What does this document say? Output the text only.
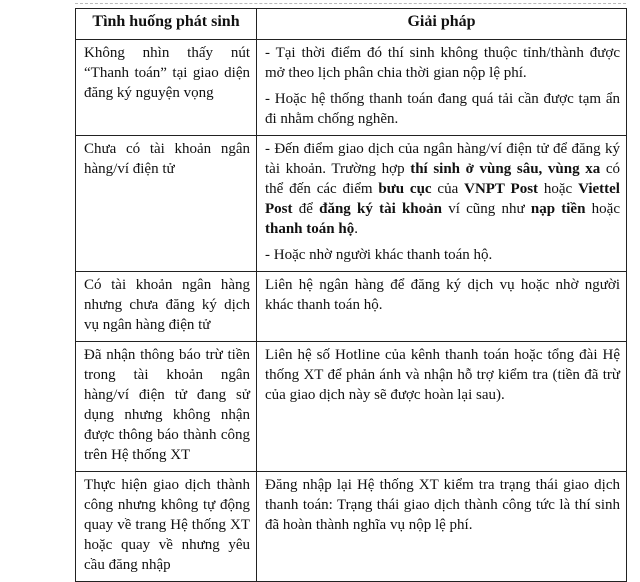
Tình huống phát sinh	Giải pháp
Không nhìn thấy nút “Thanh toán” tại giao diện đăng ký nguyện vọng	- Tại thời điểm đó thí sinh không thuộc tỉnh/thành được mở theo lịch phân chia thời gian nộp lệ phí.

- Hoặc hệ thống thanh toán đang quá tải cần được tạm ẩn đi nhằm chống nghẽn.

Chưa có tài khoản ngân hàng/ví điện tử	- Đến điểm giao dịch của ngân hàng/ví điện tử để đăng ký tài khoản. Trường hợp thí sinh ở vùng sâu, vùng xa có thể đến các điểm bưu cục của VNPT Post hoặc Viettel Post để đăng ký tài khoản ví cũng như nạp tiền hoặc thanh toán hộ.

- Hoặc nhờ người khác thanh toán hộ.

Có tài khoản ngân hàng nhưng chưa đăng ký dịch vụ ngân hàng điện tử	Liên hệ ngân hàng để đăng ký dịch vụ hoặc nhờ người khác thanh toán hộ.

Đã nhận thông báo trừ tiền trong tài khoản ngân hàng/ví điện tử đang sử dụng nhưng không nhận được thông báo thành công trên Hệ thống XT	Liên hệ số Hotline của kênh thanh toán hoặc tổng đài Hệ thống XT để phản ánh và nhận hỗ trợ kiểm tra (tiền đã trừ của giao dịch này sẽ được hoàn lại sau).

Thực hiện giao dịch thành công nhưng không tự động quay về trang Hệ thống XT hoặc quay về nhưng yêu cầu đăng nhập	Đăng nhập lại Hệ thống XT kiểm tra trạng thái giao dịch thanh toán: Trạng thái giao dịch thành công tức là thí sinh đã hoàn thành nghĩa vụ nộp lệ phí.
